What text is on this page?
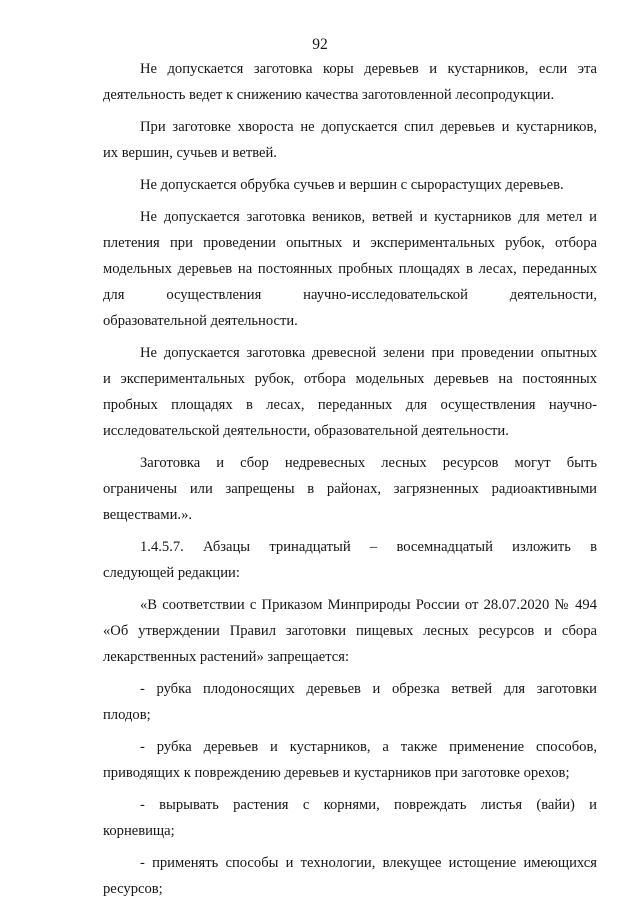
92
Не допускается заготовка коры деревьев и кустарников, если эта
деятельность ведет к снижению качества заготовленной лесопродукции.
При заготовке хвороста не допускается спил деревьев и кустарников,
их вершин, сучьев и ветвей.
Не допускается обрубка сучьев и вершин с сырорастущих деревьев.
Не допускается заготовка веников, ветвей и кустарников для метел и
плетения при проведении опытных и экспериментальных рубок, отбора
модельных деревьев на постоянных пробных площадях в лесах, переданных
для осуществления научно-исследовательской деятельности,
образовательной деятельности.
Не допускается заготовка древесной зелени при проведении опытных
и экспериментальных рубок, отбора модельных деревьев на постоянных
пробных площадях в лесах, переданных для осуществления научно-
исследовательской деятельности, образовательной деятельности.
Заготовка и сбор недревесных лесных ресурсов могут быть
ограничены или запрещены в районах, загрязненных радиоактивными
веществами.».
1.4.5.7. Абзацы тринадцатый – восемнадцатый изложить в
следующей редакции:
«В соответствии с Приказом Минприроды России от 28.07.2020 № 494
«Об утверждении Правил заготовки пищевых лесных ресурсов и сбора
лекарственных растений» запрещается:
- рубка плодоносящих деревьев и обрезка ветвей для заготовки
плодов;
- рубка деревьев и кустарников, а также применение способов,
приводящих к повреждению деревьев и кустарников при заготовке орехов;
- вырывать растения с корнями, повреждать листья (вайи) и
корневища;
- применять способы и технологии, влекущее истощение имеющихся
ресурсов;
